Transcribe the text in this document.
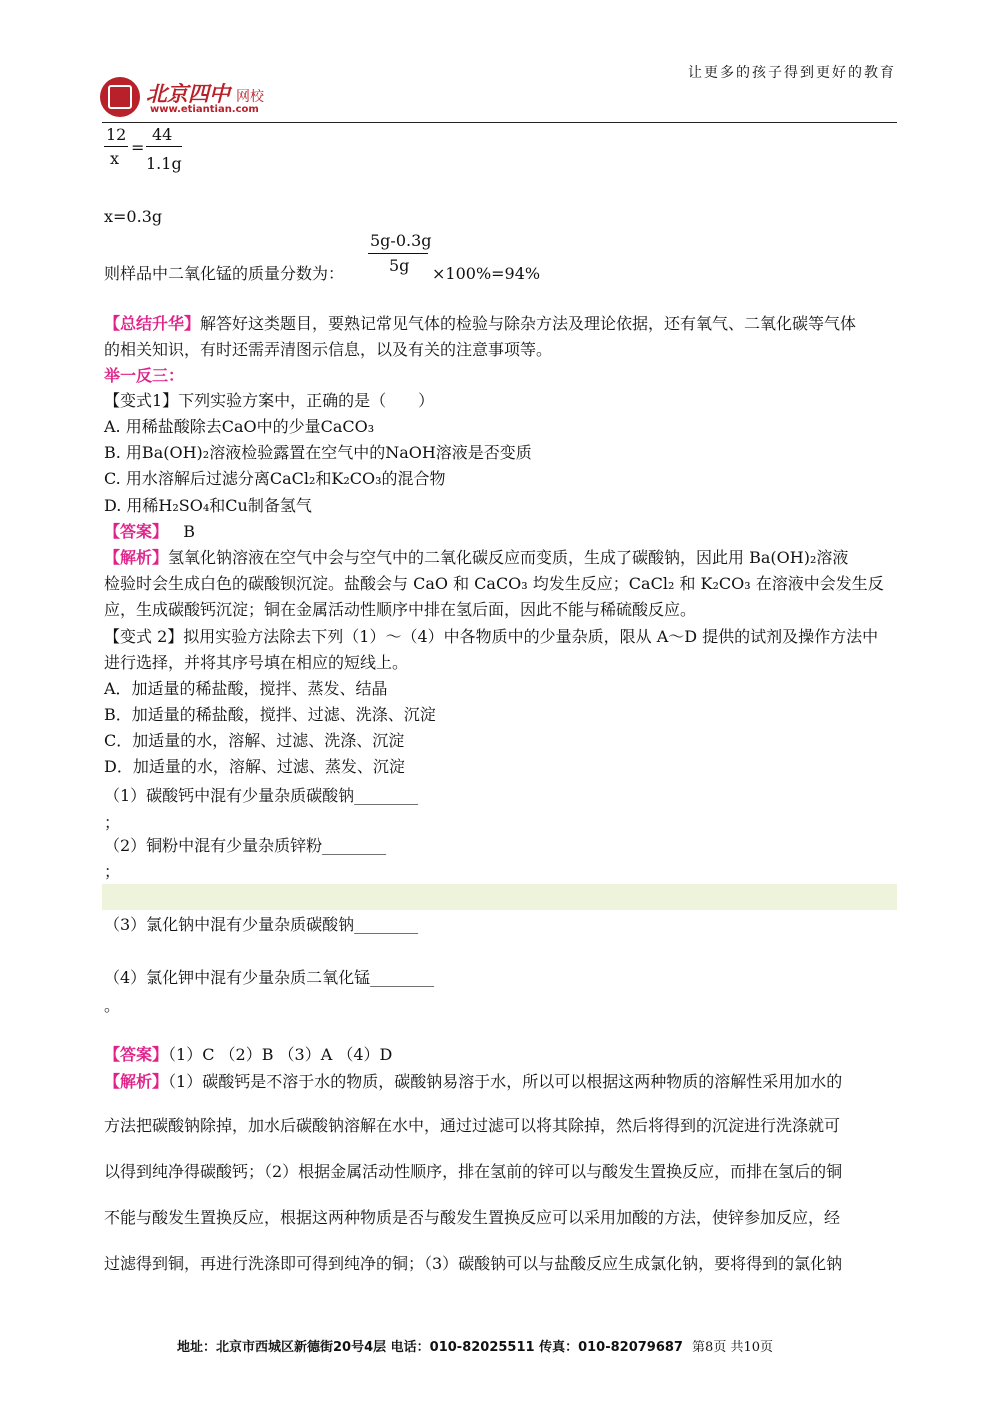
北京四中 网校
www.etiantian.com
让更多的孩子得到更好的教育
12
x
=
44
1.1g
x=0.3g
5g-0.3g
5g
则样品中二氧化锰的质量分数为：	×100%=94%
【总结升华】解答好这类题目，要熟记常见气体的检验与除杂方法及理论依据，还有氧气、二氧化碳等气体
的相关知识，有时还需弄清图示信息，以及有关的注意事项等。
举一反三：
【变式1】下列实验方案中，正确的是（　　）
A. 用稀盐酸除去CaO中的少量CaCO₃
B. 用Ba(OH)₂溶液检验露置在空气中的NaOH溶液是否变质
C. 用水溶解后过滤分离CaCl₂和K₂CO₃的混合物
D. 用稀H₂SO₄和Cu制备氢气
【答案】 B
【解析】氢氧化钠溶液在空气中会与空气中的二氧化碳反应而变质，生成了碳酸钠，因此用 Ba(OH)₂溶液
检验时会生成白色的碳酸钡沉淀。盐酸会与 CaO 和 CaCO₃ 均发生反应；CaCl₂ 和 K₂CO₃ 在溶液中会发生反
应，生成碳酸钙沉淀；铜在金属活动性顺序中排在氢后面，因此不能与稀硫酸反应。
【变式 2】拟用实验方法除去下列（1）～（4）中各物质中的少量杂质，限从 A～D 提供的试剂及操作方法中
进行选择，并将其序号填在相应的短线上。
A．加适量的稀盐酸，搅拌、蒸发、结晶
B．加适量的稀盐酸，搅拌、过滤、洗涤、沉淀
C．加适量的水，溶解、过滤、洗涤、沉淀
D．加适量的水，溶解、过滤、蒸发、沉淀
（1）碳酸钙中混有少量杂质碳酸钠________
；
（2）铜粉中混有少量杂质锌粉________
；
（3）氯化钠中混有少量杂质碳酸钠________
（4）氯化钾中混有少量杂质二氧化锰________
。
【答案】（1）C （2）B （3）A （4）D
【解析】（1）碳酸钙是不溶于水的物质，碳酸钠易溶于水，所以可以根据这两种物质的溶解性采用加水的
方法把碳酸钠除掉，加水后碳酸钠溶解在水中，通过过滤可以将其除掉，然后将得到的沉淀进行洗涤就可
以得到纯净得碳酸钙；（2）根据金属活动性顺序，排在氢前的锌可以与酸发生置换反应，而排在氢后的铜
不能与酸发生置换反应，根据这两种物质是否与酸发生置换反应可以采用加酸的方法，使锌参加反应，经
过滤得到铜，再进行洗涤即可得到纯净的铜；（3）碳酸钠可以与盐酸反应生成氯化钠，要将得到的氯化钠
地址：北京市西城区新德街20号4层 电话：010-82025511 传真：010-82079687 第8页 共10页
